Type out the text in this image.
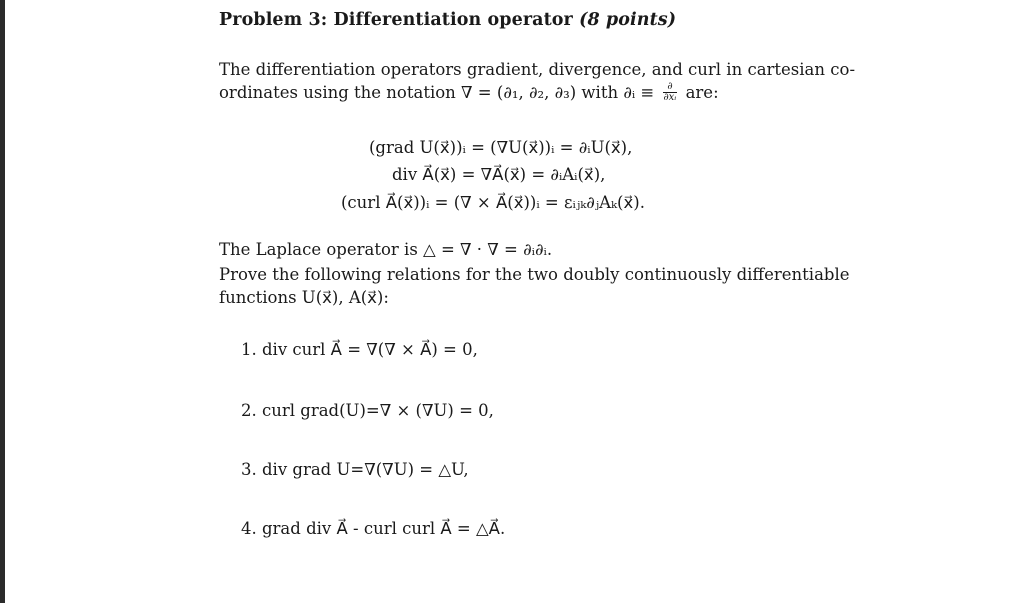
Problem 3: Differentiation operator (8 points)
The differentiation operators gradient, divergence, and curl in cartesian co-
ordinates using the notation ∇ = (∂₁, ∂₂, ∂₃) with ∂ᵢ ≡ $\frac{\partial}{\text{∂xᵢ}}$ are:
(grad U(x⃗))ᵢ = (∇U(x⃗))ᵢ = ∂ᵢU(x⃗),
div A⃗(x⃗) = ∇A⃗(x⃗) = ∂ᵢAᵢ(x⃗),
(curl A⃗(x⃗))ᵢ = (∇ × A⃗(x⃗))ᵢ = εᵢⱼₖ∂ⱼAₖ(x⃗).
The Laplace operator is △ = ∇ · ∇ = ∂ᵢ∂ᵢ.
Prove the following relations for the two doubly continuously differentiable
functions U(x⃗), A(x⃗):
1. div curl A⃗ = ∇(∇ × A⃗) = 0,
2. curl grad(U)=∇ × (∇U) = 0,
3. div grad U=∇(∇U) = △U,
4. grad div A⃗ - curl curl A⃗ = △A⃗.
